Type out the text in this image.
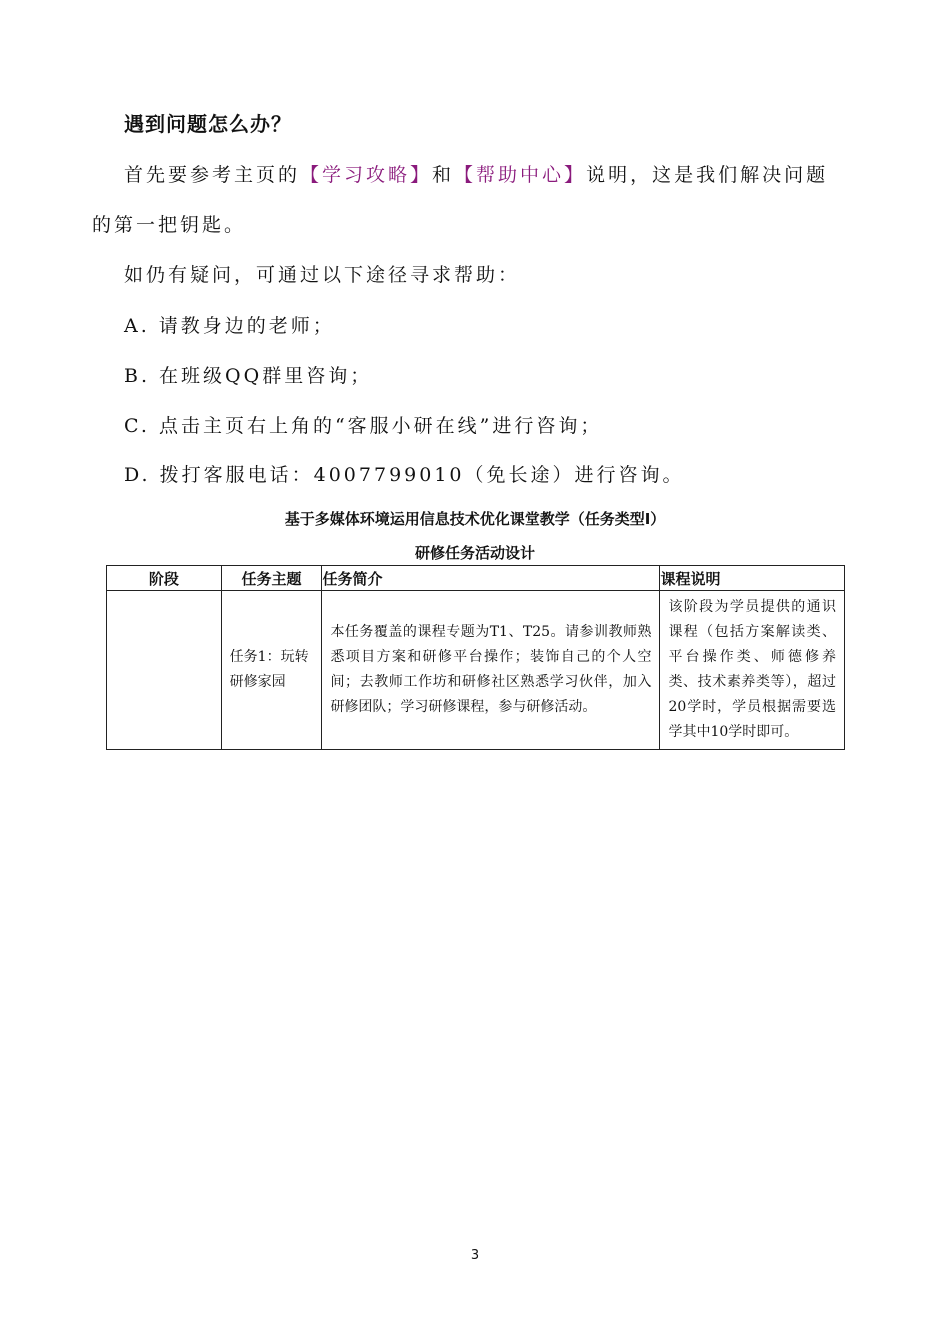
遇到问题怎么办？
首先要参考主页的【学习攻略】和【帮助中心】说明，这是我们解决问题
的第一把钥匙。
如仍有疑问，可通过以下途径寻求帮助：
A. 请教身边的老师；
B. 在班级QQ群里咨询；
C. 点击主页右上角的“客服小研在线”进行咨询；
D. 拨打客服电话：4007799010（免长途）进行咨询。
基于多媒体环境运用信息技术优化课堂教学（任务类型Ⅰ）
研修任务活动设计
阶段	任务主题	任务简介	课程说明
	任务1：玩转研修家园	本任务覆盖的课程专题为T1、T25。请参训教师熟悉项目方案和研修平台操作；装饰自己的个人空间；去教师工作坊和研修社区熟悉学习伙伴，加入研修团队；学习研修课程，参与研修活动。	该阶段为学员提供的通识课程（包括方案解读类、平台操作类、师德修养类、技术素养类等），超过20学时，学员根据需要选学其中10学时即可。
3
